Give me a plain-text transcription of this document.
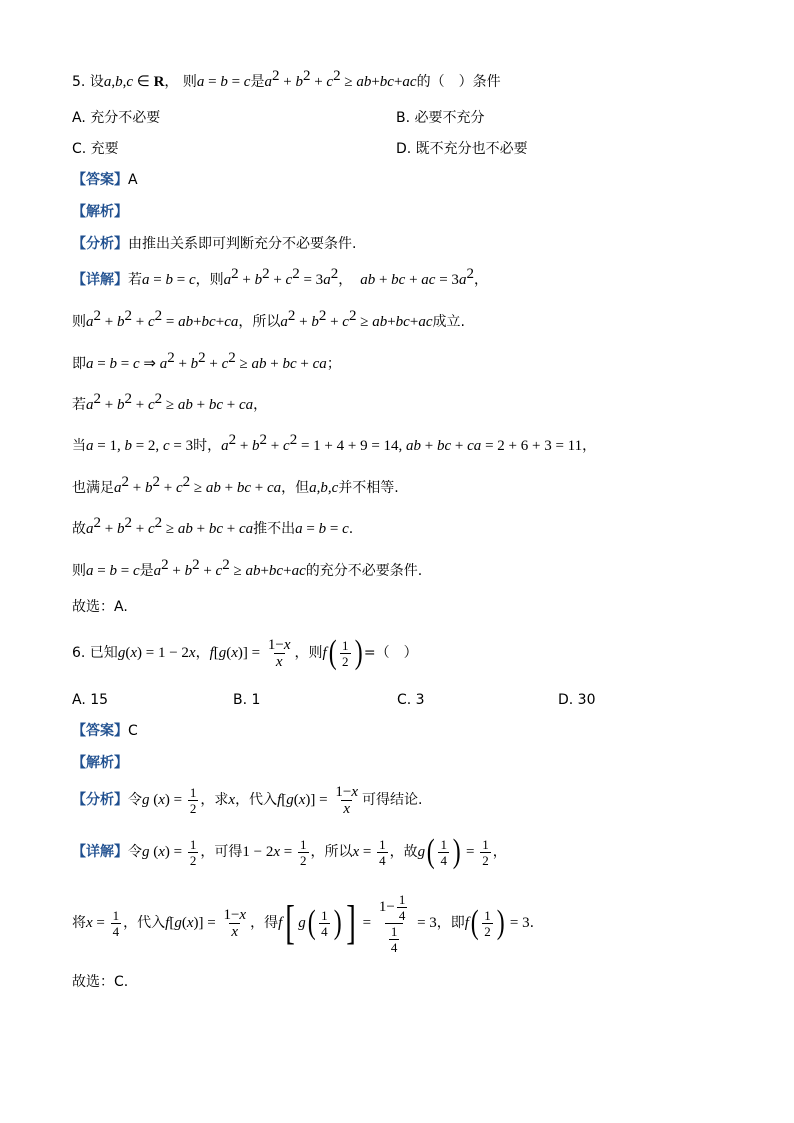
5. 设a,b,c ∈ R， 则a = b = c是$a^2 + b^2 + c^2 \ge ab+bc+ac$的（　）条件
A. 充分不必要	B. 必要不充分
C. 充要	D. 既不充分也不必要
【答案】A
【解析】
【分析】由推出关系即可判断充分不必要条件.
【详解】若a = b = c，则$a^2 + b^2 + c^2 = 3a^2$， ab + bc + ac = $3a^2$，
则$a^2 + b^2 + c^2 = ab+bc+ca$，所以$a^2 + b^2 + c^2 \ge ab+bc+ac$成立.
即a = b = c ⇒ $a^2 + b^2 + c^2$ ≥ ab + bc + ca；
若$a^2 + b^2 + c^2$ ≥ ab + bc + ca，
当a = 1, b = 2, c = 3时，$a^2 + b^2 + c^2 = 1 + 4 + 9 = 14$, ab + bc + ca = 2 + 6 + 3 = 11，
也满足$a^2 + b^2 + c^2$ ≥ ab + bc + ca，但a,b,c并不相等.
故$a^2 + b^2 + c^2$ ≥ ab + bc + ca推不出a = b = c.
则a = b = c是$a^2 + b^2 + c^2 \ge ab+bc+ac$的充分不必要条件.
故选：A.
6. 已知g(x) = 1 − 2x，$f[g(x)] = \frac{1-x}{x}$ ，则$f( \frac{1}{2}$ ) =（　）
A. 15	B. 1	C. 3	D. 30
【答案】C
【解析】
【分析】令g $(x) = \frac{1}{2}$ ，求x，代入$f[g(x)] = \frac{1-x}{x}$ 可得结论.
【详解】令g $(x) = \frac{1}{2}$ ，可得$1 - 2x = \frac{1}{2}$ ，所以$x = \frac{1}{4}$ ，故$g( \frac{1}{4}$ ) = $\frac{1}{2}$ ，
将$x = \frac{1}{4}$ ，代入$f[g(x)] = \frac{1-x}{x}$ ，得f[ $g( \frac{1}{4}$ ) ] = $\frac{1- \frac{1}{4}}{\frac{1}{4}} = 3$，即$f( \frac{1}{2}$ ) = 3.
故选：C.
